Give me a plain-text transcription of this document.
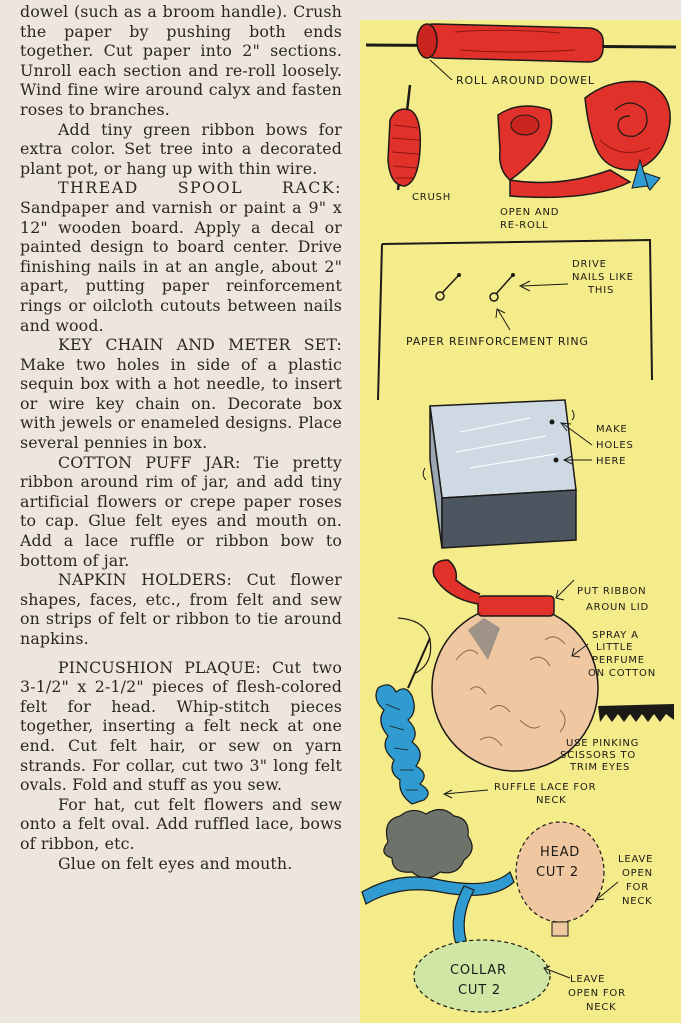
dowel (such as a broom handle). Crush the paper by pushing both ends together. Cut paper into 2" sections. Unroll each section and re-roll loosely. Wind fine wire around calyx and fasten roses to branches.

Add tiny green ribbon bows for extra color. Set tree into a decorated plant pot, or hang up with thin wire.

THREAD SPOOL RACK: Sandpaper and varnish or paint a 9" x 12" wooden board. Apply a decal or painted design to board center. Drive finishing nails in at an angle, about 2" apart, putting paper reinforcement rings or oilcloth cutouts between nails and wood.

KEY CHAIN AND METER SET: Make two holes in side of a plastic sequin box with a hot needle, to insert or wire key chain on. Decorate box with jewels or enameled designs. Place several pennies in box.

COTTON PUFF JAR: Tie pretty ribbon around rim of jar, and add tiny artificial flowers or crepe paper roses to cap. Glue felt eyes and mouth on. Add a lace ruffle or ribbon bow to bottom of jar.

NAPKIN HOLDERS: Cut flower shapes, faces, etc., from felt and sew on strips of felt or ribbon to tie around napkins.

PINCUSHION PLAQUE: Cut two 3-1/2" x 2-1/2" pieces of flesh-colored felt for head. Whip-stitch pieces together, inserting a felt neck at one end. Cut felt hair, or sew on yarn strands. For collar, cut two 3" long felt ovals. Fold and stuff as you sew.

For hat, cut felt flowers and sew onto a felt oval. Add ruffled lace, bows of ribbon, etc.

Glue on felt eyes and mouth.

ROLL AROUND DOWEL
CRUSH
OPEN AND
RE-ROLL
DRIVE
NAILS LIKE
THIS
PAPER REINFORCEMENT RING
MAKE
HOLES
HERE
PUT RIBBON
AROUN LID
SPRAY A
LITTLE
PERFUME
ON COTTON
USE PINKING
SCISSORS TO
TRIM EYES
RUFFLE LACE FOR
NECK
HEAD
CUT 2
LEAVE
OPEN
FOR
NECK
COLLAR
CUT 2
LEAVE
OPEN FOR
NECK
